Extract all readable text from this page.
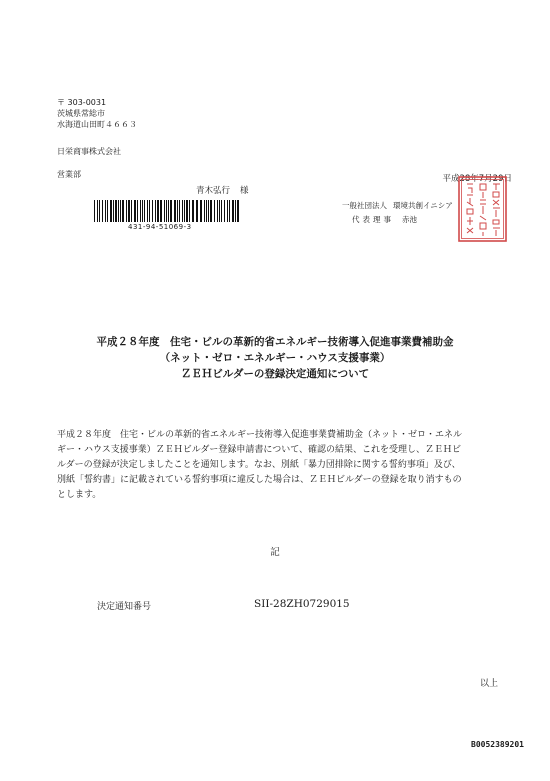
〒 303-0031
茨城県常総市
水海道山田町４６６３
日栄商事株式会社
営業部	平成28年7月29日
青木弘行 様
431-94-51069-3
一般社団法人 環境共創イニシア
代表理事 赤池
平成２８年度　住宅・ビルの革新的省エネルギー技術導入促進事業費補助金
（ネット・ゼロ・エネルギー・ハウス支援事業）
ＺＥＨビルダーの登録決定通知について
平成２８年度　住宅・ビルの革新的省エネルギー技術導入促進事業費補助金（ネット・ゼロ・エネル
ギー・ハウス支援事業）ＺＥＨビルダー登録申請書について、確認の結果、これを受理し、ＺＥＨビ
ルダーの登録が決定しましたことを通知します。なお、別紙「暴力団排除に関する誓約事項」及び、
別紙「誓約書」に記載されている誓約事項に違反した場合は、ＺＥＨビルダーの登録を取り消すもの
とします。
記
決定通知番号	SII-28ZH0729015
以上
B0052389201
